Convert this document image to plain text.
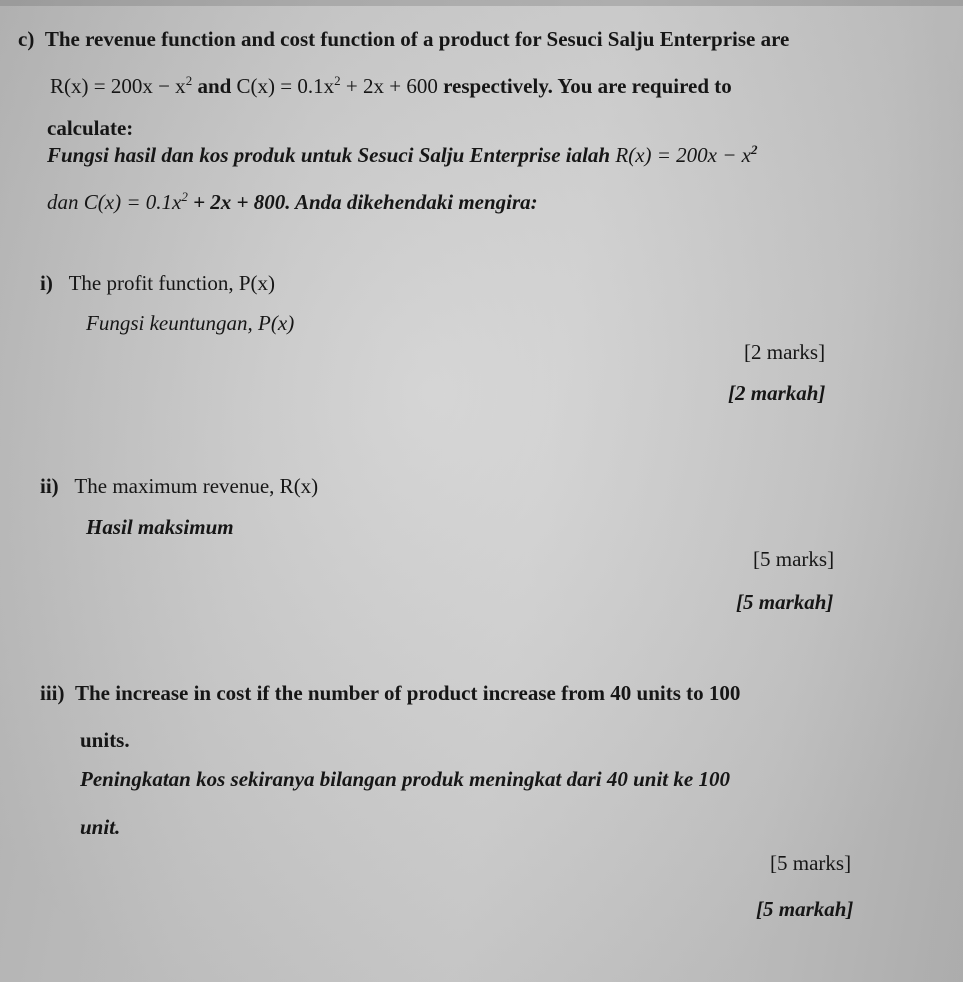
c) The revenue function and cost function of a product for Sesuci Salju Enterprise are
$R(x) = 200x - x^2$ and $C(x) = 0.1x^2 + 2x + 600$ respectively. You are required to
calculate:
Fungsi hasil dan kos produk untuk Sesuci Salju Enterprise ialah $R(x) = 200x - x^2$
dan $C(x) = 0.1x^2 + 2x + 800$. Anda dikehendaki mengira:
i) The profit function, P(x)
Fungsi keuntungan, P(x)
[2 marks]
[2 markah]
ii) The maximum revenue, R(x)
Hasil maksimum
[5 marks]
[5 markah]
iii) The increase in cost if the number of product increase from 40 units to 100
units.
Peningkatan kos sekiranya bilangan produk meningkat dari 40 unit ke 100
unit.
[5 marks]
[5 markah]
